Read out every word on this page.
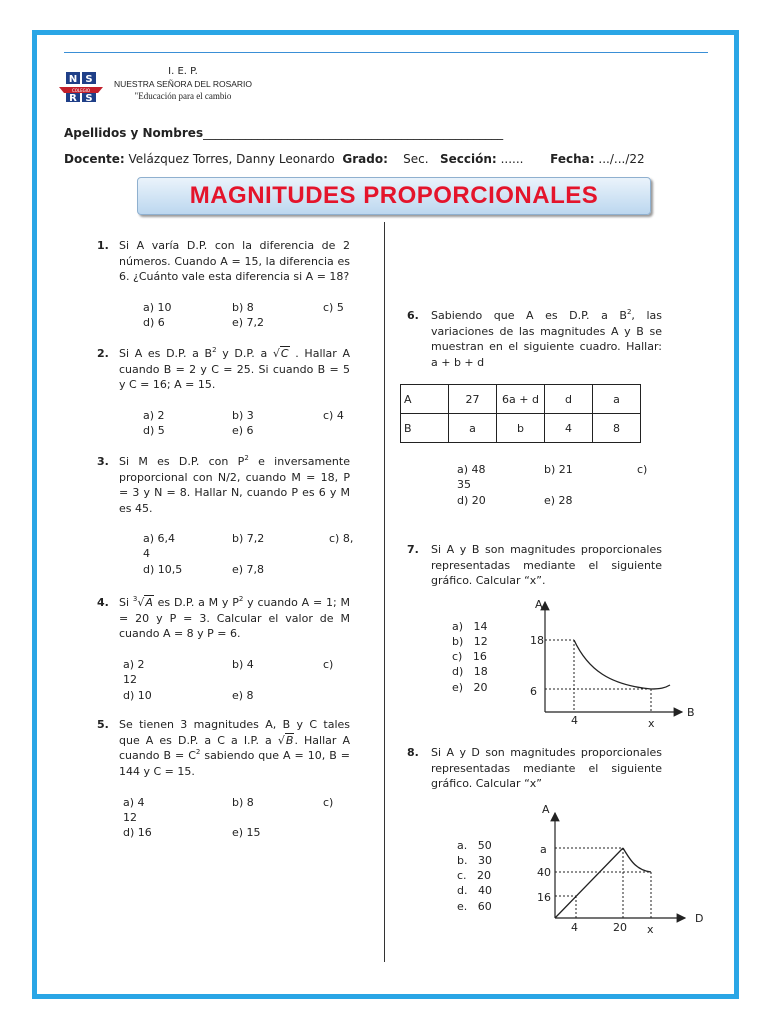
N S
R S
COLEGIO
I. E. P.
NUESTRA SEÑORA DEL ROSARIO
"Educación para el cambio
Apellidos y Nombres__________________________________________________
Docente: Velázquez Torres, Danny Leonardo Grado: Sec. Sección: ...... Fecha: .../.../22
MAGNITUDES PROPORCIONALES
1. Si A varía D.P. con la diferencia de 2 números. Cuando A = 15, la diferencia es 6. ¿Cuánto vale esta diferencia si A = 18?
a) 10	b) 8	c) 5
d) 6	e) 7,2
2. Si A es D.P. a $B^2$ y D.P. a √C . Hallar A cuando B = 2 y C = 25. Si cuando B = 5 y C = 16; A = 15.
a) 2	b) 3	c) 4
d) 5	e) 6
3. Si M es D.P. con $P^2$ e inversamente proporcional con N/2, cuando M = 18, P = 3 y N = 8. Hallar N, cuando P es 6 y M es 45.
a) 6,4	b) 7,2	c) 8,
4
d) 10,5	e) 7,8
4. Si $^3$√A es D.P. a M y $P^2$ y cuando A = 1; M = 20 y P = 3. Calcular el valor de M cuando A = 8 y P = 6.
a) 2	b) 4	c)
12
d) 10	e) 8
5. Se tienen 3 magnitudes A, B y C tales que A es D.P. a C a I.P. a √B. Hallar A cuando $B = C^2$ sabiendo que A = 10, B = 144 y C = 15.
a) 4	b) 8	c)
12
d) 16	e) 15
6. Sabiendo que A es D.P. a $B^2$, las variaciones de las magnitudes A y B se muestran en el siguiente cuadro. Hallar: a + b + d
A	27	6a + d	d	a
B	a	b	4	8
a) 48	b) 21	c)
35
d) 20	e) 28
7. Si A y B son magnitudes proporcionales representadas mediante el siguiente gráfico. Calcular “x”.
a)   14
b)   12
c)   16
d)   18
e)   20
A
B
18
6
4	x
8. Si A y D son magnitudes proporcionales representadas mediante el siguiente gráfico. Calcular “x”
a.   50
b.   30
c.   20
d.   40
e.   60
A
D
a
40
16
4	20 x
